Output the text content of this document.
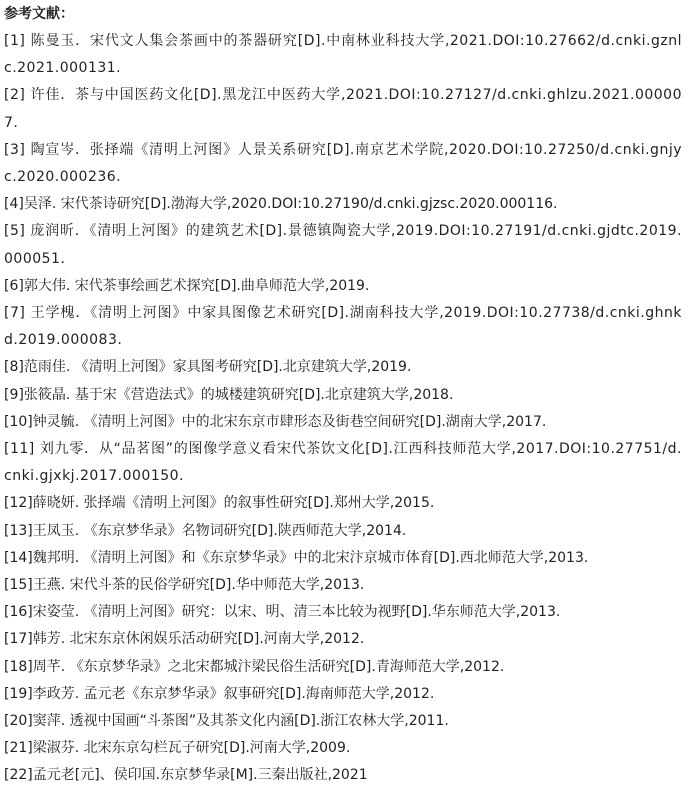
参考文献：
[1] 陈曼玉．宋代文人集会茶画中的茶器研究[D].中南林业科技大学,2021.DOI:10.27662/d.cnki.gznlc.2021.000131.
[2] 许佳．茶与中国医药文化[D].黑龙江中医药大学,2021.DOI:10.27127/d.cnki.ghlzu.2021.000007.
[3] 陶宣岑．张择端《清明上河图》人景关系研究[D].南京艺术学院,2020.DOI:10.27250/d.cnki.gnjyc.2020.000236.
[4]吴泽. 宋代茶诗研究[D].渤海大学,2020.DOI:10.27190/d.cnki.gjzsc.2020.000116.
[5] 庞润昕．《清明上河图》的建筑艺术[D].景德镇陶瓷大学,2019.DOI:10.27191/d.cnki.gjdtc.2019.000051.
[6]郭大伟. 宋代茶事绘画艺术探究[D].曲阜师范大学,2019.
[7] 王学槐．《清明上河图》中家具图像艺术研究[D].湖南科技大学,2019.DOI:10.27738/d.cnki.ghnkd.2019.000083.
[8]范雨佳. 《清明上河图》家具图考研究[D].北京建筑大学,2019.
[9]张筱晶. 基于宋《营造法式》的城楼建筑研究[D].北京建筑大学,2018.
[10]钟灵毓. 《清明上河图》中的北宋东京市肆形态及街巷空间研究[D].湖南大学,2017.
[11] 刘九零．从“品茗图”的图像学意义看宋代茶饮文化[D].江西科技师范大学,2017.DOI:10.27751/d.cnki.gjxkj.2017.000150.
[12]薛晓妍. 张择端《清明上河图》的叙事性研究[D].郑州大学,2015.
[13]王凤玉. 《东京梦华录》名物词研究[D].陕西师范大学,2014.
[14]魏邦明. 《清明上河图》和《东京梦华录》中的北宋汴京城市体育[D].西北师范大学,2013.
[15]王燕. 宋代斗茶的民俗学研究[D].华中师范大学,2013.
[16]宋姿莹. 《清明上河图》研究：以宋、明、清三本比较为视野[D].华东师范大学,2013.
[17]韩芳. 北宋东京休闲娱乐活动研究[D].河南大学,2012.
[18]周芊. 《东京梦华录》之北宋都城汴梁民俗生活研究[D].青海师范大学,2012.
[19]李政芳. 孟元老《东京梦华录》叙事研究[D].海南师范大学,2012.
[20]窦萍. 透视中国画“斗茶图”及其茶文化内涵[D].浙江农林大学,2011.
[21]梁淑芬. 北宋东京勾栏瓦子研究[D].河南大学,2009.
[22]孟元老[元]、侯印国.东京梦华录[M].三秦出版社,2021
